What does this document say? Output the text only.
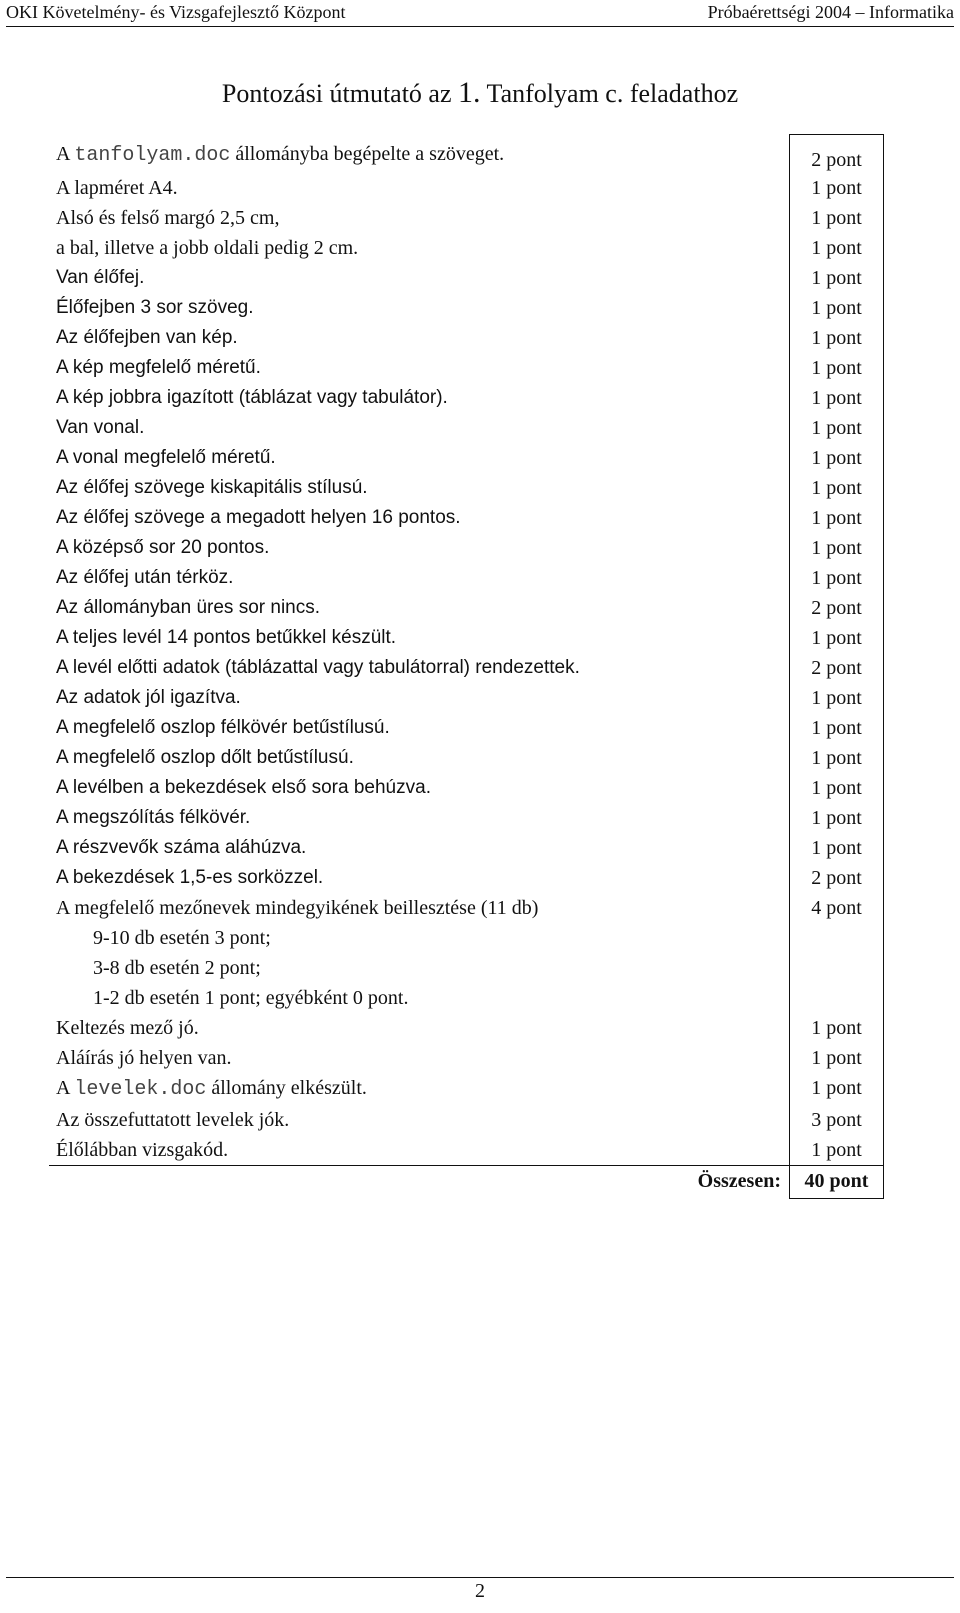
OKI Követelmény- és Vizsgafejlesztő Központ	Próbaérettségi 2004 – Informatika
Pontozási útmutató az 1. Tanfolyam c. feladathoz
A tanfolyam.doc állományba begépelte a szöveget.	2 pont
A lapméret A4.	1 pont
Alsó és felső margó 2,5 cm,	1 pont
a bal, illetve a jobb oldali pedig 2 cm.	1 pont
Van élőfej.	1 pont
Élőfejben 3 sor szöveg.	1 pont
Az élőfejben van kép.	1 pont
A kép megfelelő méretű.	1 pont
A kép jobbra igazított (táblázat vagy tabulátor).	1 pont
Van vonal.	1 pont
A vonal megfelelő méretű.	1 pont
Az élőfej szövege kiskapitális stílusú.	1 pont
Az élőfej szövege a megadott helyen 16 pontos.	1 pont
A középső sor 20 pontos.	1 pont
Az élőfej után térköz.	1 pont
Az állományban üres sor nincs.	2 pont
A teljes levél 14 pontos betűkkel készült.	1 pont
A levél előtti adatok (táblázattal vagy tabulátorral) rendezettek.	2 pont
Az adatok jól igazítva.	1 pont
A megfelelő oszlop félkövér betűstílusú.	1 pont
A megfelelő oszlop dőlt betűstílusú.	1 pont
A levélben a bekezdések első sora behúzva.	1 pont
A megszólítás félkövér.	1 pont
A részvevők száma aláhúzva.	1 pont
A bekezdések 1,5-es sorközzel.	2 pont
A megfelelő mezőnevek mindegyikének beillesztése (11 db)	4 pont
9-10 db esetén 3 pont;	
3-8 db esetén 2 pont;	
1-2 db esetén 1 pont; egyébként 0 pont.	
Keltezés mező jó.	1 pont
Aláírás jó helyen van.	1 pont
A levelek.doc állomány elkészült.	1 pont
Az összefuttatott levelek jók.	3 pont
Élőlábban vizsgakód.	1 pont
Összesen:	40 pont
2
